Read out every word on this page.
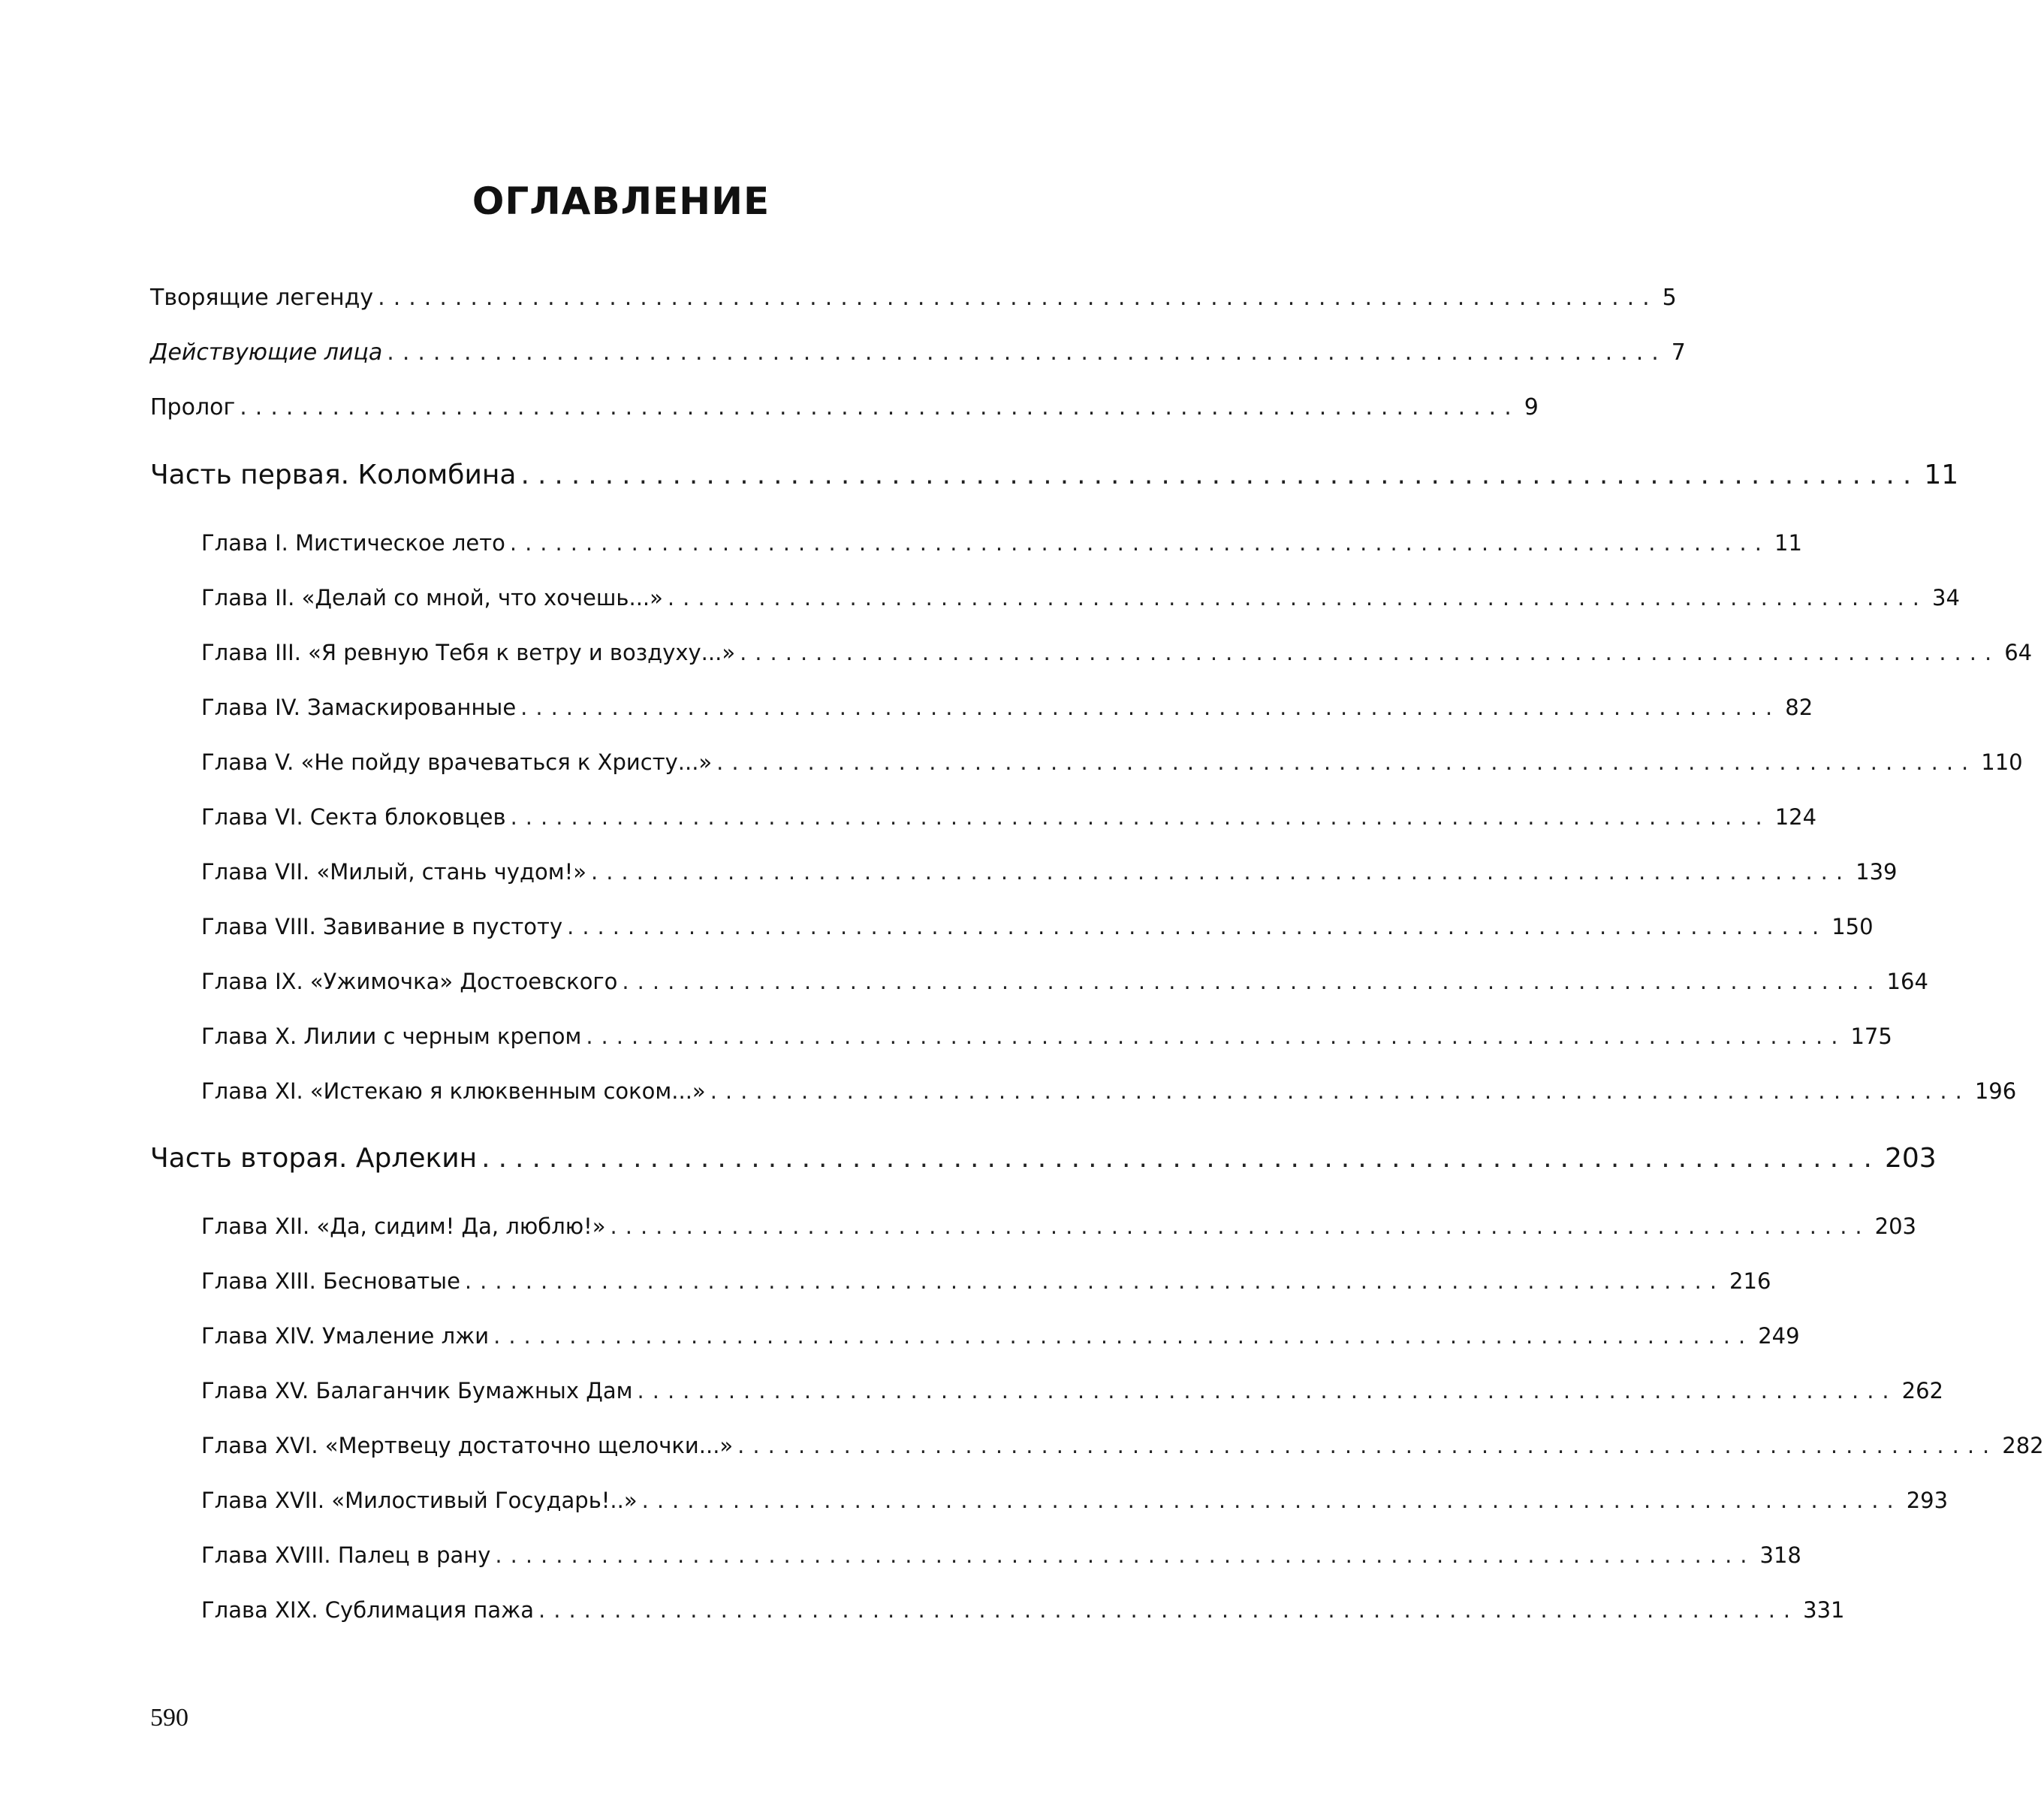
ОГЛАВЛЕНИЕ
Творящие легенду ................................................................................... 5
Действующие лица ................................................................................... 7
Пролог ................................................................................... 9
Часть первая. Коломбина ................................................................................... 11
Глава I. Мистическое лето ................................................................................... 11
Глава II. «Делай со мной, что хочешь...» ................................................................................... 34
Глава III. «Я ревную Тебя к ветру и воздуху...» ................................................................................... 64
Глава IV. Замаскированные ................................................................................... 82
Глава V. «Не пойду врачеваться к Христу...» ................................................................................... 110
Глава VI. Секта блоковцев ................................................................................... 124
Глава VII. «Милый, стань чудом!» ................................................................................... 139
Глава VIII. Завивание в пустоту ................................................................................... 150
Глава IX. «Ужимочка» Достоевского ................................................................................... 164
Глава X. Лилии с черным крепом ................................................................................... 175
Глава XI. «Истекаю я клюквенным соком...» ................................................................................... 196
Часть вторая. Арлекин ................................................................................... 203
Глава XII. «Да, сидим! Да, люблю!» ................................................................................... 203
Глава XIII. Бесноватые ................................................................................... 216
Глава XIV. Умаление лжи ................................................................................... 249
Глава XV. Балаганчик Бумажных Дам ................................................................................... 262
Глава XVI. «Мертвецу достаточно щелочки...» ................................................................................... 282
Глава XVII. «Милостивый Государь!..» ................................................................................... 293
Глава XVIII. Палец в рану ................................................................................... 318
Глава XIX. Сублимация пажа ................................................................................... 331
590
